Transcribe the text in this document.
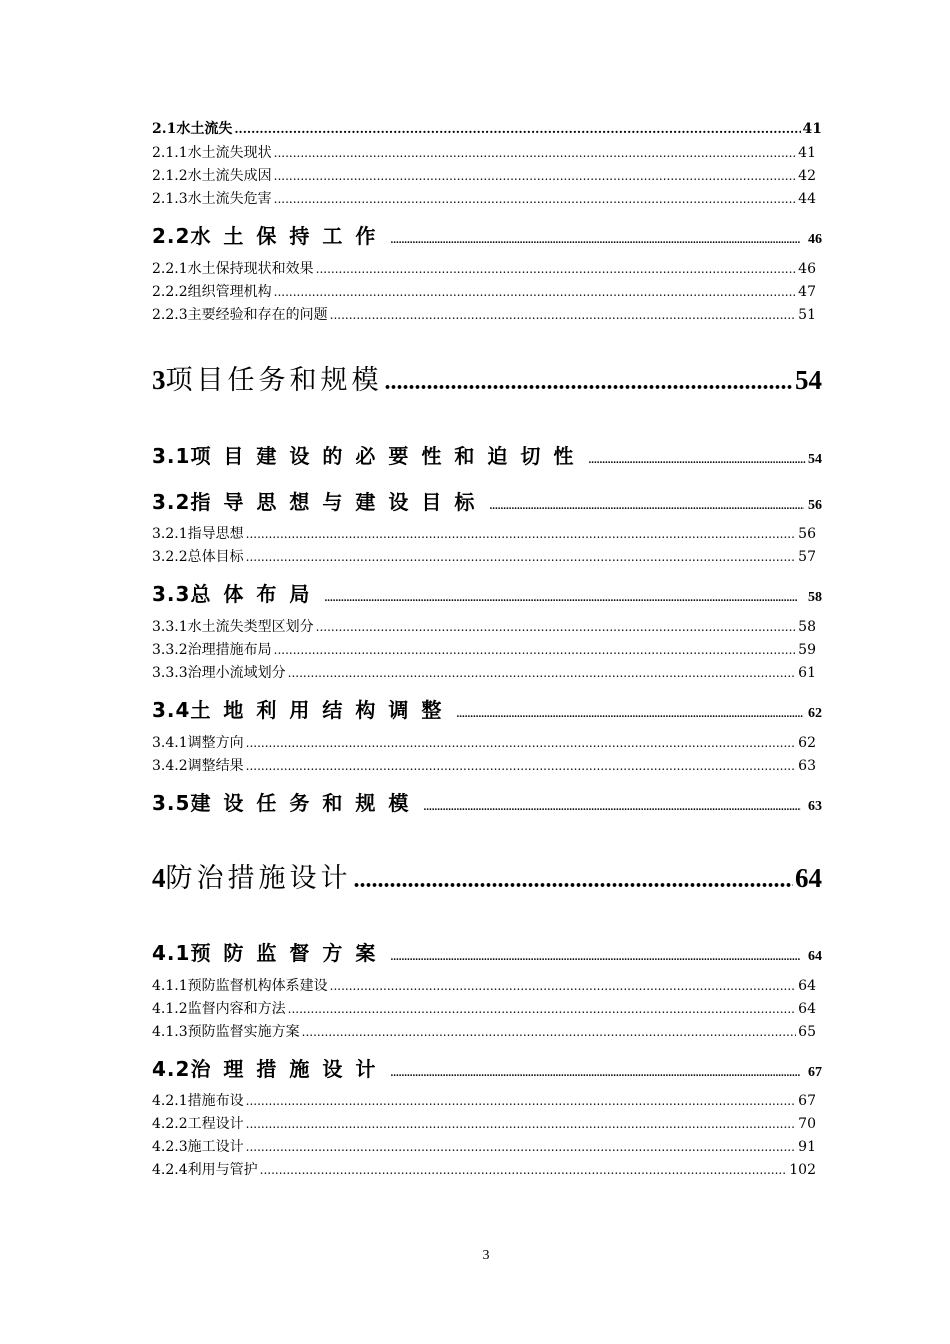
2.1 水土流失 .....	41
2.1.1 水土流失现状 .....	41
2.1.2 水土流失成因 .....	42
2.1.3 水土流失危害 .....	44
2.2 水土保持工作 .....	46
2.2.1 水土保持现状和效果 .....	46
2.2.2 组织管理机构 .....	47
2.2.3 主要经验和存在的问题 .....	51
3 项目任务和规模 .....	54
3.1 项目建设的必要性和迫切性 .....	54
3.2 指导思想与建设目标 .....	56
3.2.1 指导思想 .....	56
3.2.2 总体目标 .....	57
3.3 总体布局 .....	58
3.3.1 水土流失类型区划分 .....	58
3.3.2 治理措施布局 .....	59
3.3.3 治理小流域划分 .....	61
3.4 土地利用结构调整 .....	62
3.4.1 调整方向 .....	62
3.4.2 调整结果 .....	63
3.5 建设任务和规模 .....	63
4 防治措施设计 .....	64
4.1 预防监督方案 .....	64
4.1.1 预防监督机构体系建设 .....	64
4.1.2 监督内容和方法 .....	64
4.1.3 预防监督实施方案 .....	65
4.2 治理措施设计 .....	67
4.2.1 措施布设 .....	67
4.2.2 工程设计 .....	70
4.2.3 施工设计 .....	91
4.2.4 利用与管护 .....	102
3
